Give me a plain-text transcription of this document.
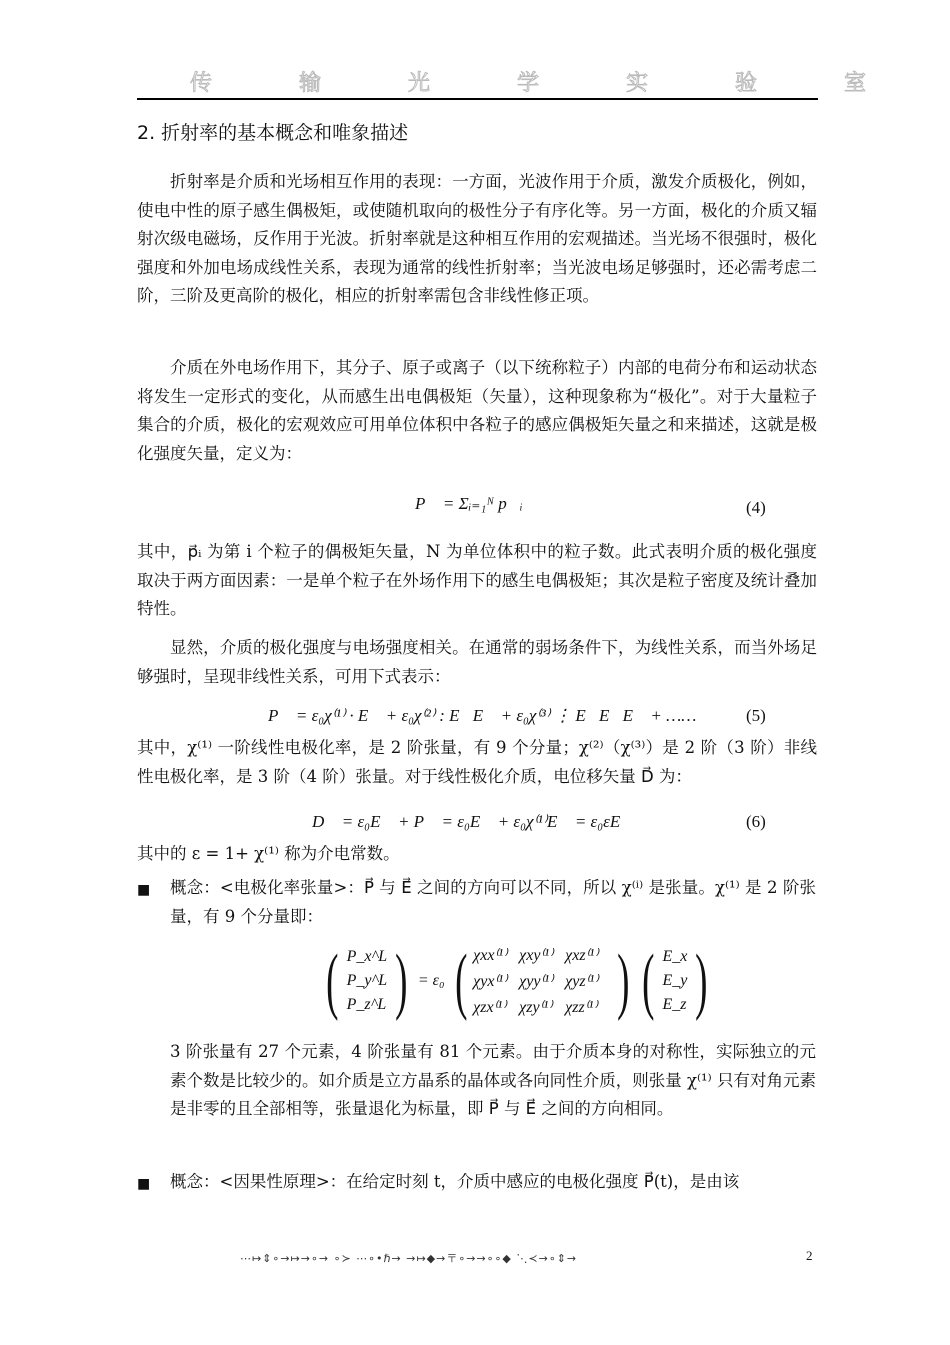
传 输 光 学 实 验 室
2. 折射率的基本概念和唯象描述
折射率是介质和光场相互作用的表现：一方面，光波作用于介质，激发介质极化，例如，使电中性的原子感生偶极矩，或使随机取向的极性分子有序化等。另一方面，极化的介质又辐射次级电磁场，反作用于光波。折射率就是这种相互作用的宏观描述。当光场不很强时，极化强度和外加电场成线性关系，表现为通常的线性折射率；当光波电场足够强时，还必需考虑二阶，三阶及更高阶的极化，相应的折射率需包含非线性修正项。
介质在外电场作用下，其分子、原子或离子（以下统称粒子）内部的电荷分布和运动状态将发生一定形式的变化，从而感生出电偶极矩（矢量），这种现象称为“极化”。对于大量粒子集合的介质，极化的宏观效应可用单位体积中各粒子的感应偶极矩矢量之和来描述，这就是极化强度矢量，定义为：
P⃗ = Σᵢ₌₁ᴺ p⃗ᵢ	(4)
其中，p⃗ᵢ 为第 i 个粒子的偶极矩矢量，N 为单位体积中的粒子数。此式表明介质的极化强度取决于两方面因素：一是单个粒子在外场作用下的感生电偶极矩；其次是粒子密度及统计叠加特性。
显然，介质的极化强度与电场强度相关。在通常的弱场条件下，为线性关系，而当外场足够强时，呈现非线性关系，可用下式表示：
P⃗ = ε₀χ⁽¹⁾ · E⃗ + ε₀χ⁽²⁾ : E⃗E⃗ + ε₀χ⁽³⁾ ⋮ E⃗E⃗E⃗ + ……	(5)
其中，χ⁽¹⁾ 一阶线性电极化率，是 2 阶张量，有 9 个分量；χ⁽²⁾（χ⁽³⁾）是 2 阶（3 阶）非线性电极化率，是 3 阶（4 阶）张量。对于线性极化介质，电位移矢量 D⃗ 为：
D⃗ = ε₀E⃗ + P⃗ = ε₀E⃗ + ε₀χ⁽¹⁾E⃗ = ε₀εE⃗	(6)
其中的 ε = 1+ χ⁽¹⁾ 称为介电常数。
■ 概念：<电极化率张量>：P⃗ 与 E⃗ 之间的方向可以不同，所以 χ⁽ⁱ⁾ 是张量。χ⁽¹⁾ 是 2 阶张量，有 9 个分量即：
( P_x^L
P_y^L
P_z^L ) = ε₀ ( χxx⁽¹⁾ χxy⁽¹⁾ χxz⁽¹⁾
χyx⁽¹⁾ χyy⁽¹⁾ χyz⁽¹⁾
χzx⁽¹⁾ χzy⁽¹⁾ χzz⁽¹⁾ ) ( E_x
E_y
E_z )
3 阶张量有 27 个元素，4 阶张量有 81 个元素。由于介质本身的对称性，实际独立的元素个数是比较少的。如介质是立方晶系的晶体或各向同性介质，则张量 χ⁽¹⁾ 只有对角元素是非零的且全部相等，张量退化为标量，即 P⃗ 与 E⃗ 之间的方向相同。
■ 概念：<因果性原理>：在给定时刻 t，介质中感应的电极化强度 P⃗(t)，是由该
⋯↦⇕∘→↦→∘→ ∘≻ ⋯∘•ℏ→ →↦◆→〒∘→→∘∘◆ ⋱≺→∘⇕→	2
